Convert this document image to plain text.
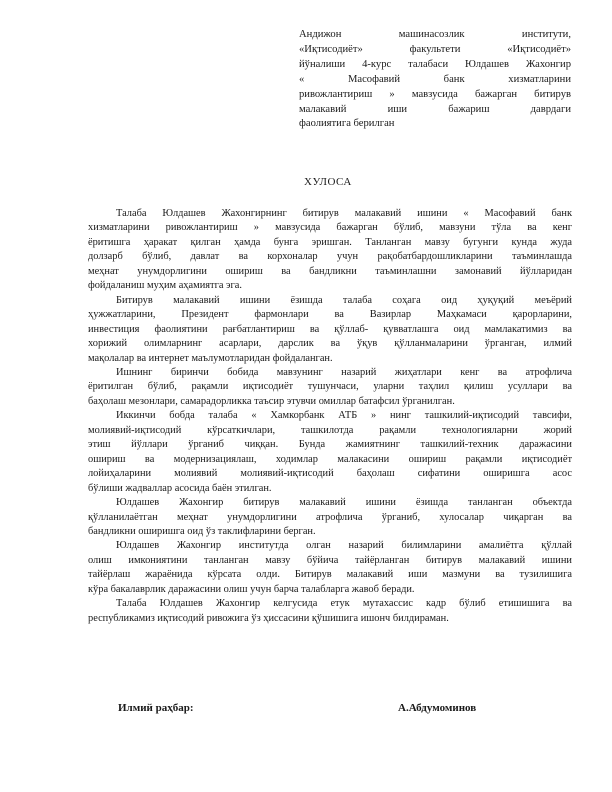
Андижон машинасозлик институти,
«Иқтисодиёт» факультети «Иқтисодиёт»
йўналиши 4-курс талабаси Юлдашев Жахонгир
« Масофавий банк хизматларини
ривожлантириш » мавзусида бажарган битирув
малакавий иши бажариш даврдаги
фаолиятига берилган
ХУЛОСА
Талаба Юлдашев Жахонгирнинг битирув малакавий ишини « Масофавий банк
хизматларини ривожлантириш » мавзусида бажарган бўлиб, мавзуни тўла ва кенг
ёритишга ҳаракат қилган ҳамда бунга эришган. Танланган мавзу бугунги кунда жуда
долзарб бўлиб, давлат ва корхоналар учун рақобатбардошликларини таъминлашда
меҳнат унумдорлигини ошириш ва бандликни таъминлашни замонавий йўлларидан
фойдаланиш муҳим аҳамиятга эга.
Битирув малакавий ишини ёзишда талаба соҳага оид ҳуқуқий меъёрий
ҳужжатларини, Президент фармонлари ва Вазирлар Маҳкамаси қарорларини,
инвестиция фаолиятини рағбатлантириш ва қўллаб- қувватлашга оид мамлакатимиз ва
хорижий олимларнинг асарлари, дарслик ва ўқув қўлланмаларини ўрганган, илмий
мақолалар ва интернет маълумотларидан фойдаланган.
Ишнинг биринчи бобида мавзунинг назарий жиҳатлари кенг ва атрофлича
ёритилган бўлиб, рақамли иқтисодиёт тушунчаси, уларни таҳлил қилиш усуллари ва
баҳолаш мезонлари, самарадорликка таъсир этувчи омиллар батафсил ўрганилган.
Иккинчи бобда талаба « Хамкорбанк АТБ » нинг ташкилий-иқтисодий тавсифи,
молиявий-иқтисодий кўрсаткичлари, ташкилотда рақамли технологияларни жорий
этиш йўллари ўрганиб чиққан. Бунда жамиятнинг ташкилий-техник даражасини
ошириш ва модернизациялаш, ходимлар малакасини ошириш рақамли иқтисодиёт
лойиҳаларини молиявий молиявий-иқтисодий баҳолаш сифатини оширишга асос
бўлиши жадваллар асосида баён этилган.
Юлдашев Жахонгир битирув малакавий ишини ёзишда танланган объектда
қўлланилаётган меҳнат унумдорлигини атрофлича ўрганиб, хулосалар чиқарган ва
бандликни оширишга оид ўз таклифларини берган.
Юлдашев Жахонгир институтда олган назарий билимларини амалиётга қўллай
олиш имкониятини танланган мавзу бўйича тайёрланган битирув малакавий ишини
тайёрлаш жараёнида кўрсата олди. Битирув малакавий иши мазмуни ва тузилишига
кўра бакалаврлик даражасини олиш учун барча талабларга жавоб беради.
Талаба Юлдашев Жахонгир келгусида етук мутахассис кадр бўлиб етишишига ва
республикамиз иқтисодий ривожига ўз ҳиссасини қўшишига ишонч билдираман.
Илмий раҳбар:	А.Абдумоминов
